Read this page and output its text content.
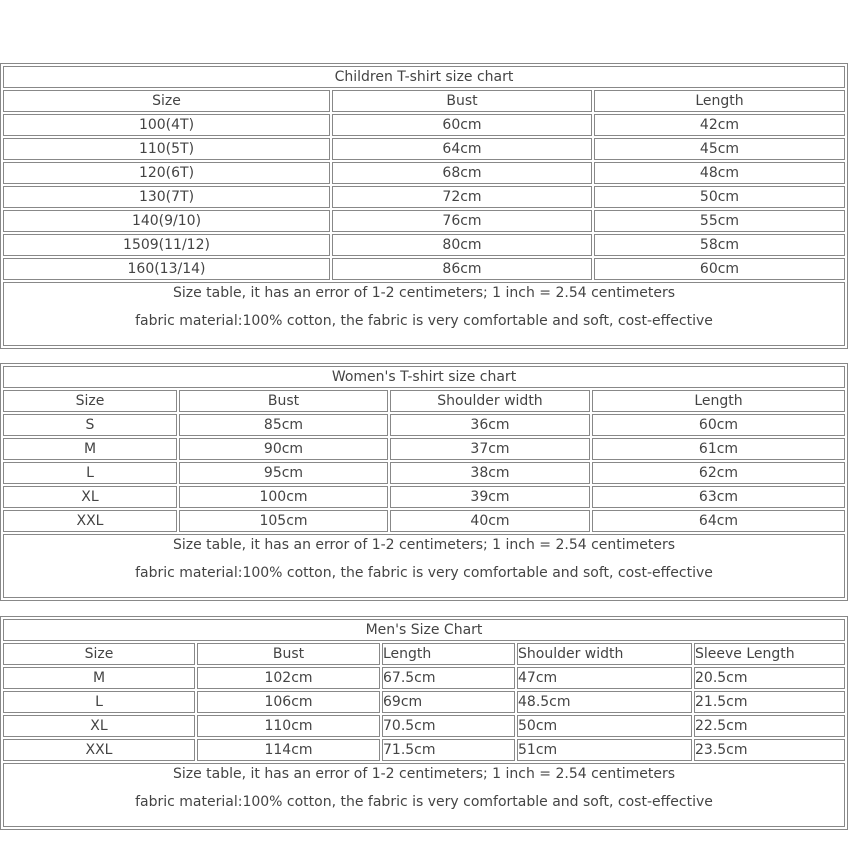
Children T-shirt size chart		
Size	Bust	Length
100(4T)	60cm	42cm
110(5T)	64cm	45cm
120(6T)	68cm	48cm
130(7T)	72cm	50cm
140(9/10)	76cm	55cm
1509(11/12)	80cm	58cm
160(13/14)	86cm	60cm

Size table, it has an error of 1-2 centimeters; 1 inch = 2.54 centimeters
fabric material:100% cotton, the fabric is very comfortable and soft, cost-effective		
Women's T-shirt size chart			
Size	Bust	Shoulder width	Length
S	85cm	36cm	60cm
M	90cm	37cm	61cm
L	95cm	38cm	62cm
XL	100cm	39cm	63cm
XXL	105cm	40cm	64cm

Size table, it has an error of 1-2 centimeters; 1 inch = 2.54 centimeters
fabric material:100% cotton, the fabric is very comfortable and soft, cost-effective			
Men's Size Chart				
Size	Bust	Length	Shoulder width	Sleeve Length
M	102cm	67.5cm	47cm	20.5cm
L	106cm	69cm	48.5cm	21.5cm
XL	110cm	70.5cm	50cm	22.5cm
XXL	114cm	71.5cm	51cm	23.5cm

Size table, it has an error of 1-2 centimeters; 1 inch = 2.54 centimeters
fabric material:100% cotton, the fabric is very comfortable and soft, cost-effective				
